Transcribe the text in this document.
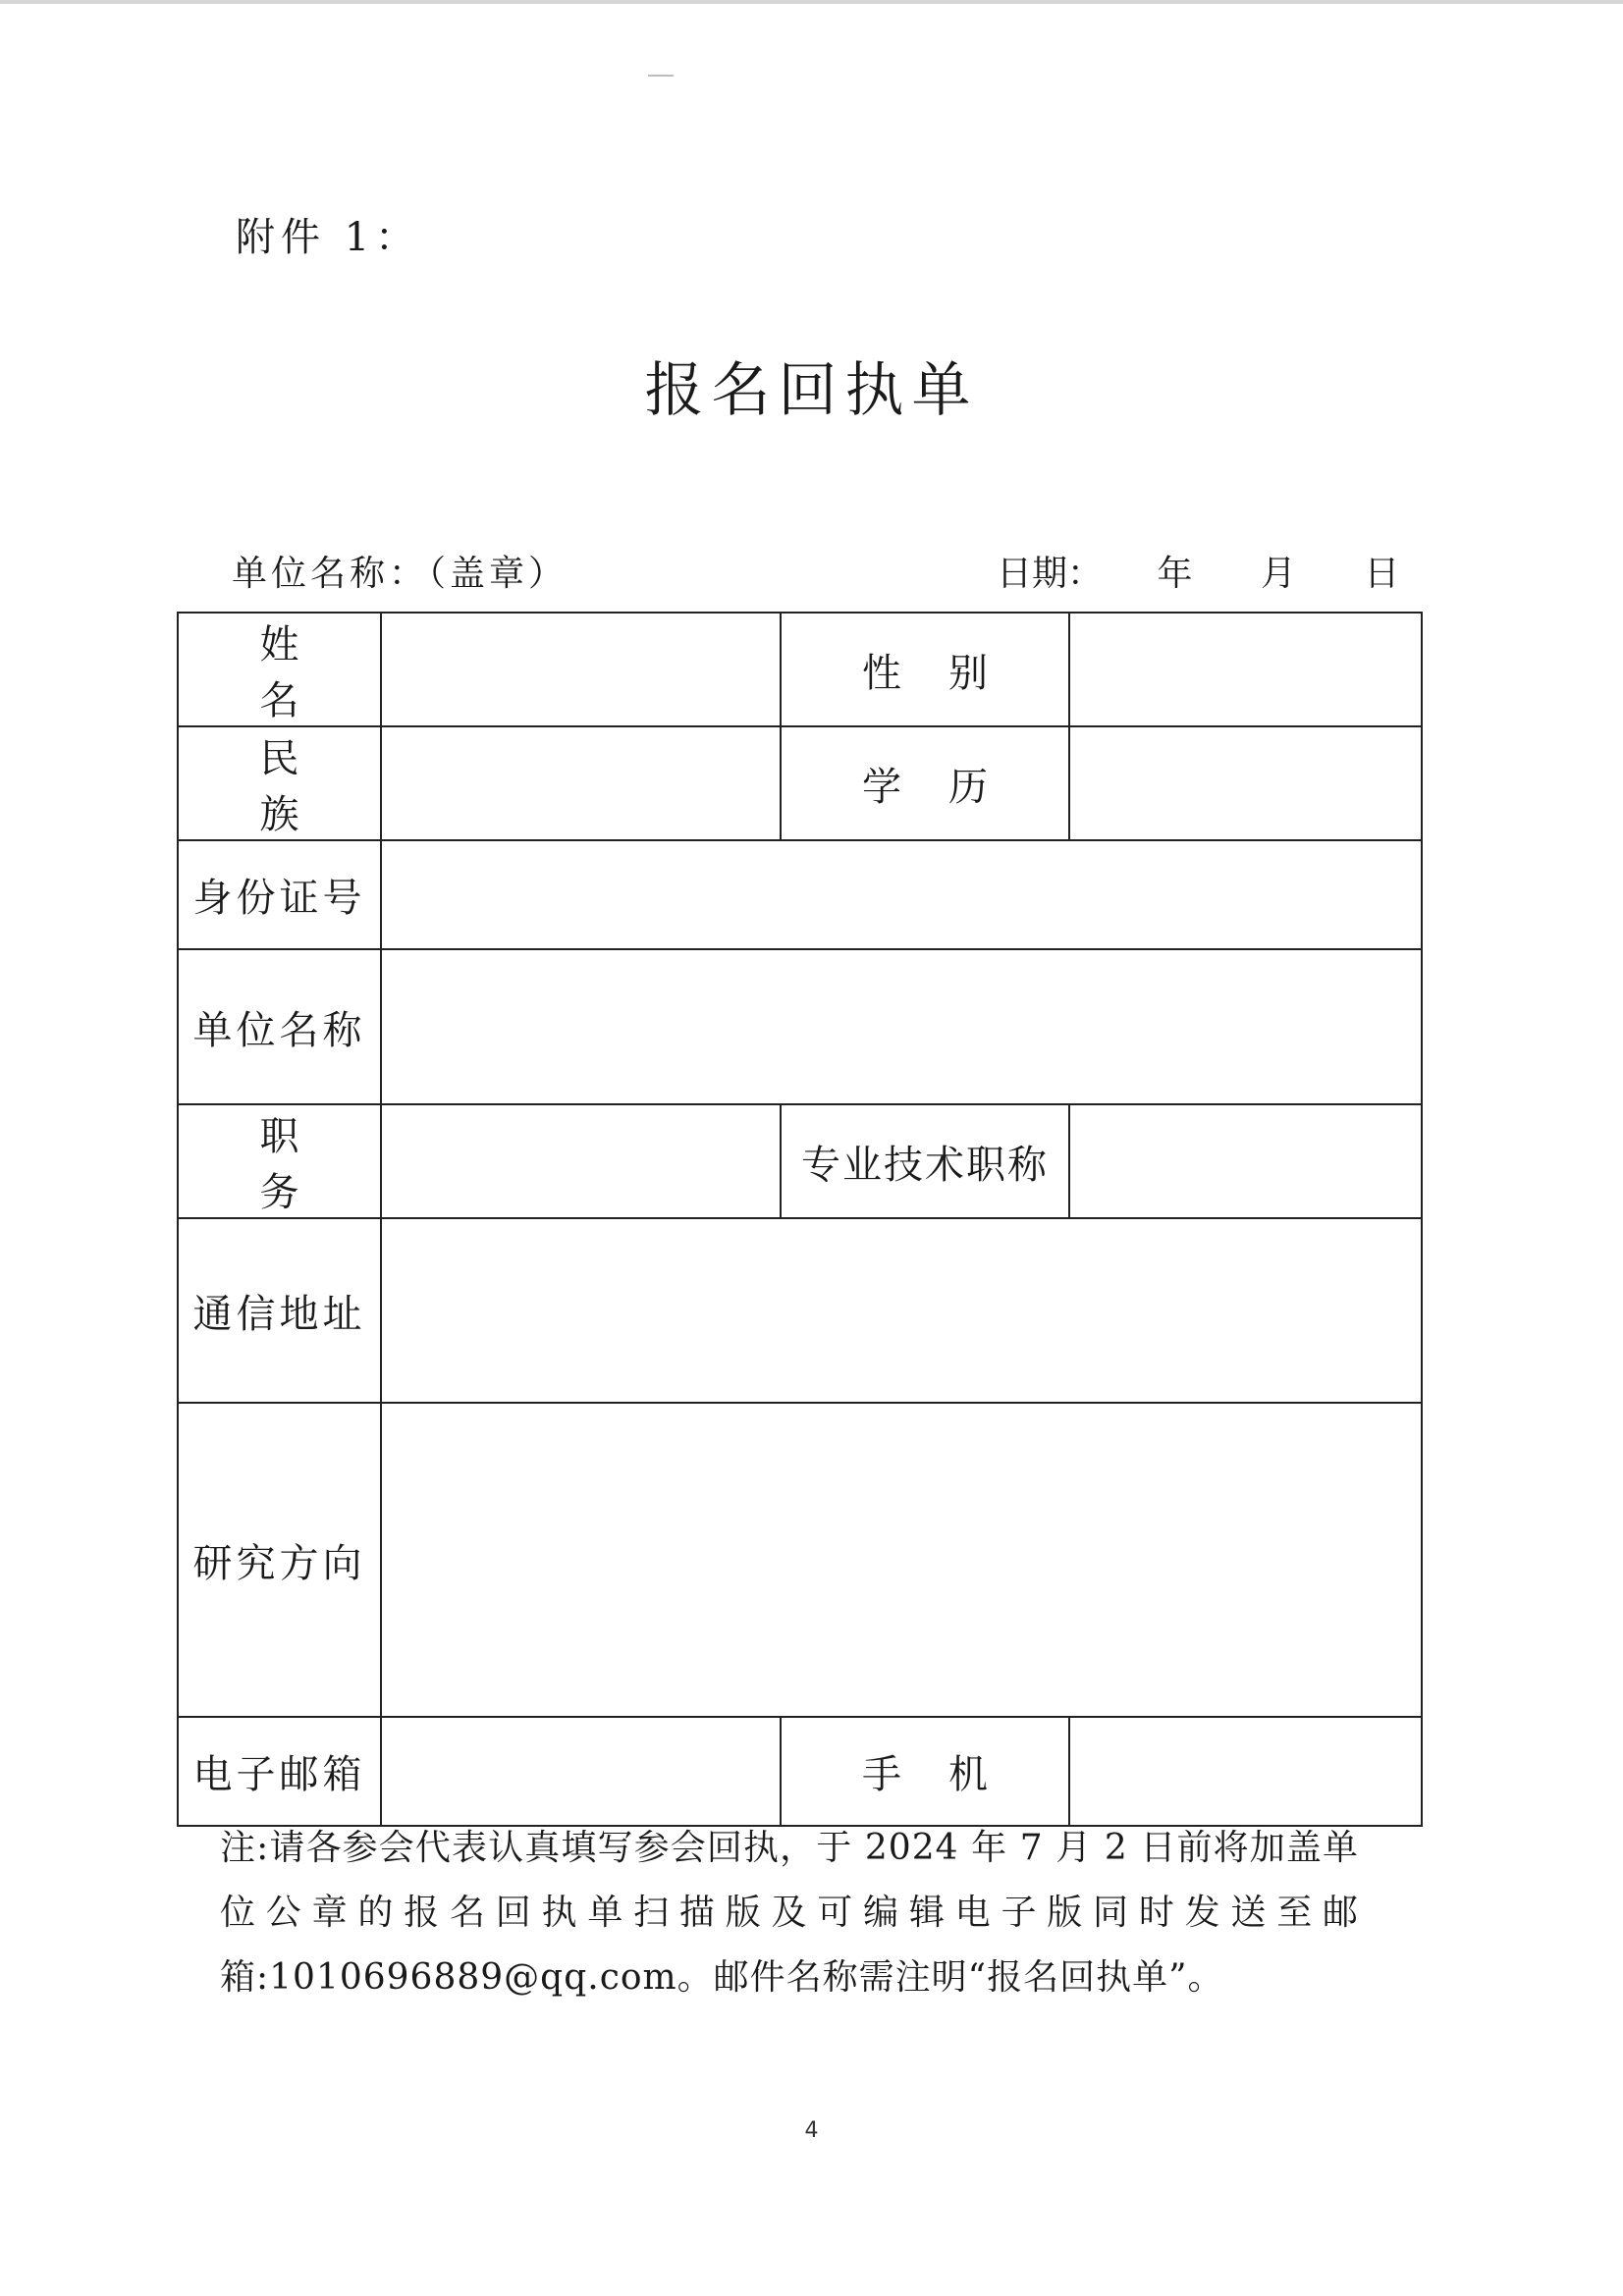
附件 1：
报名回执单
单位名称：（盖章）	日期： 年 月 日
姓名		性别	
民族		学历	
身份证号			
单位名称			
职务		专业技术职称	
通信地址			
研究方向			
电子邮箱		手机	
注:请各参会代表认真填写参会回执，于 2024 年 7 月 2 日前将加盖单位公章的报名回执单扫描版及可编辑电子版同时发送至邮箱:1010696889@qq.com。邮件名称需注明“报名回执单”。
4
